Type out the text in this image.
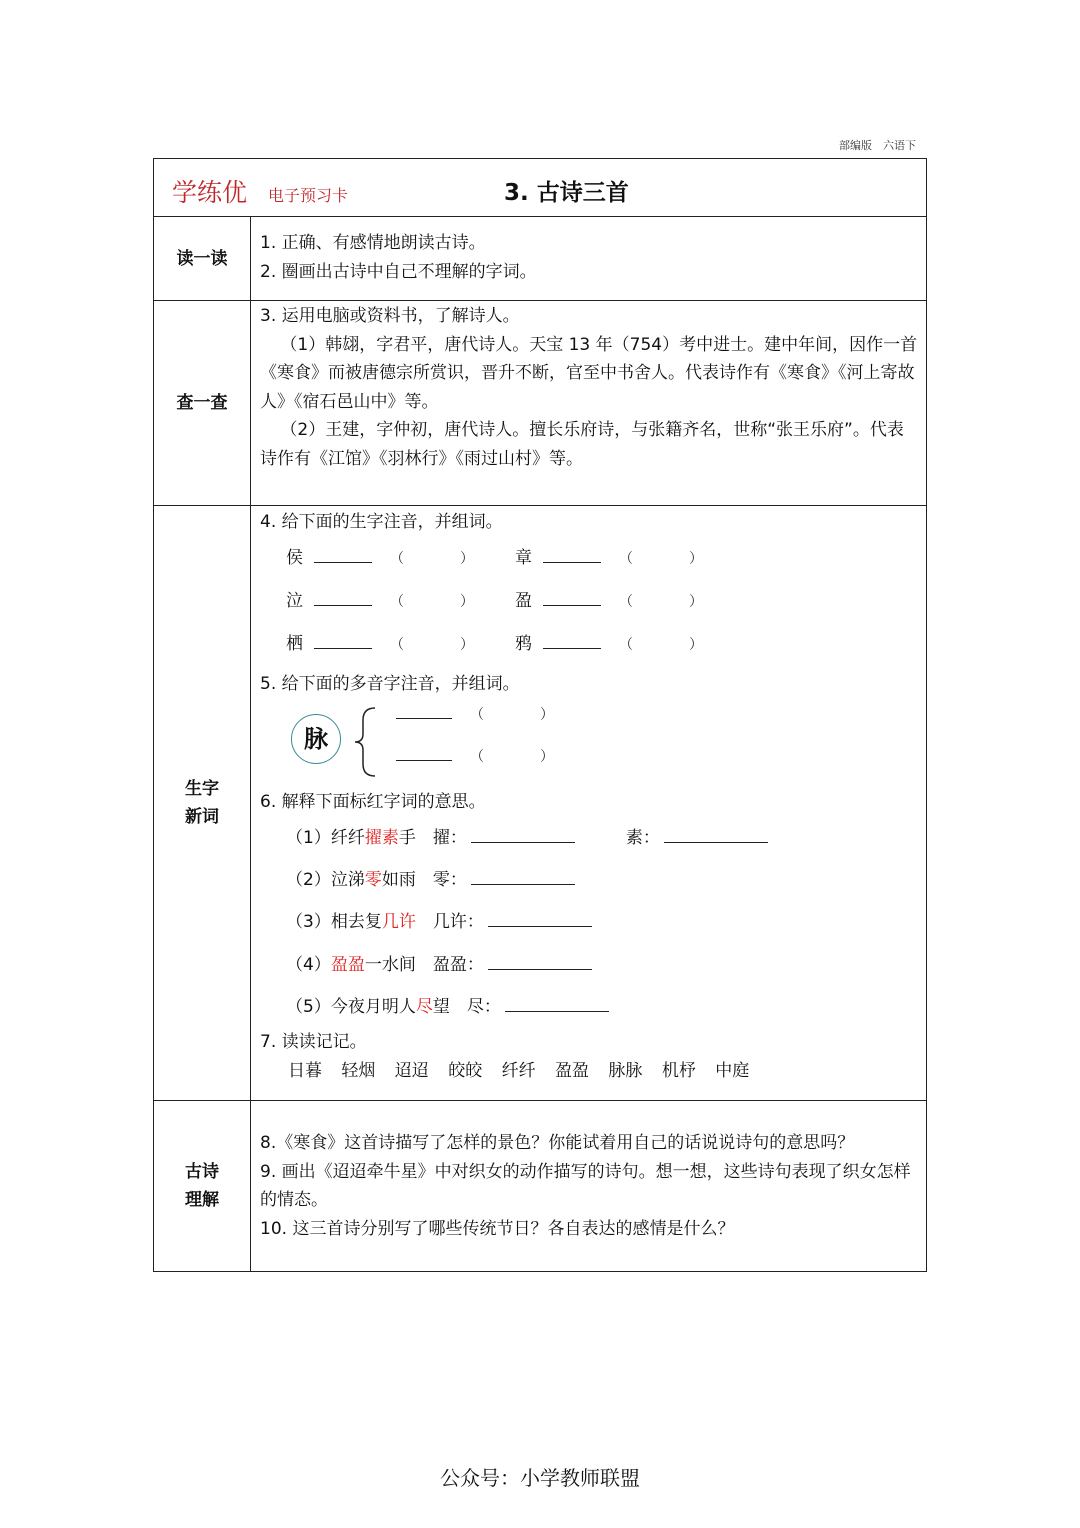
部编版　六语下
学练优 电子预习卡	3. 古诗三首
读一读
1. 正确、有感情地朗读古诗。
2. 圈画出古诗中自己不理解的字词。
查一查
3. 运用电脑或资料书，了解诗人。
（1）韩翃，字君平，唐代诗人。天宝 13 年（754）考中进士。建中年间，因作一首《寒食》而被唐德宗所赏识，晋升不断，官至中书舍人。代表诗作有《寒食》《河上寄故人》《宿石邑山中》等。
（2）王建，字仲初，唐代诗人。擅长乐府诗，与张籍齐名，世称“张王乐府”。代表诗作有《江馆》《羽林行》《雨过山村》等。
生字
新词
4. 给下面的生字注音，并组词。
侯	（　　　　）	章	（　　　　）
泣	（　　　　）	盈	（　　　　）
栖	（　　　　）	鸦	（　　　　）
5. 给下面的多音字注音，并组词。
脉
（　　　　）
（　　　　）
6. 解释下面标红字词的意思。
（1）纤纤擢素手　 擢：　　　	素：
（2）泣涕零如雨　 零：
（3）相去复几许　 几许：
（4）盈盈一水间　 盈盈：
（5）今夜月明人尽望　 尽：
7. 读读记记。
日暮 轻烟 迢迢 皎皎 纤纤 盈盈 脉脉 机杼 中庭
古诗
理解
8.《寒食》这首诗描写了怎样的景色？你能试着用自己的话说说诗句的意思吗？
9. 画出《迢迢牵牛星》中对织女的动作描写的诗句。想一想，这些诗句表现了织女怎样的情态。
10. 这三首诗分别写了哪些传统节日？各自表达的感情是什么？
公众号：小学教师联盟
